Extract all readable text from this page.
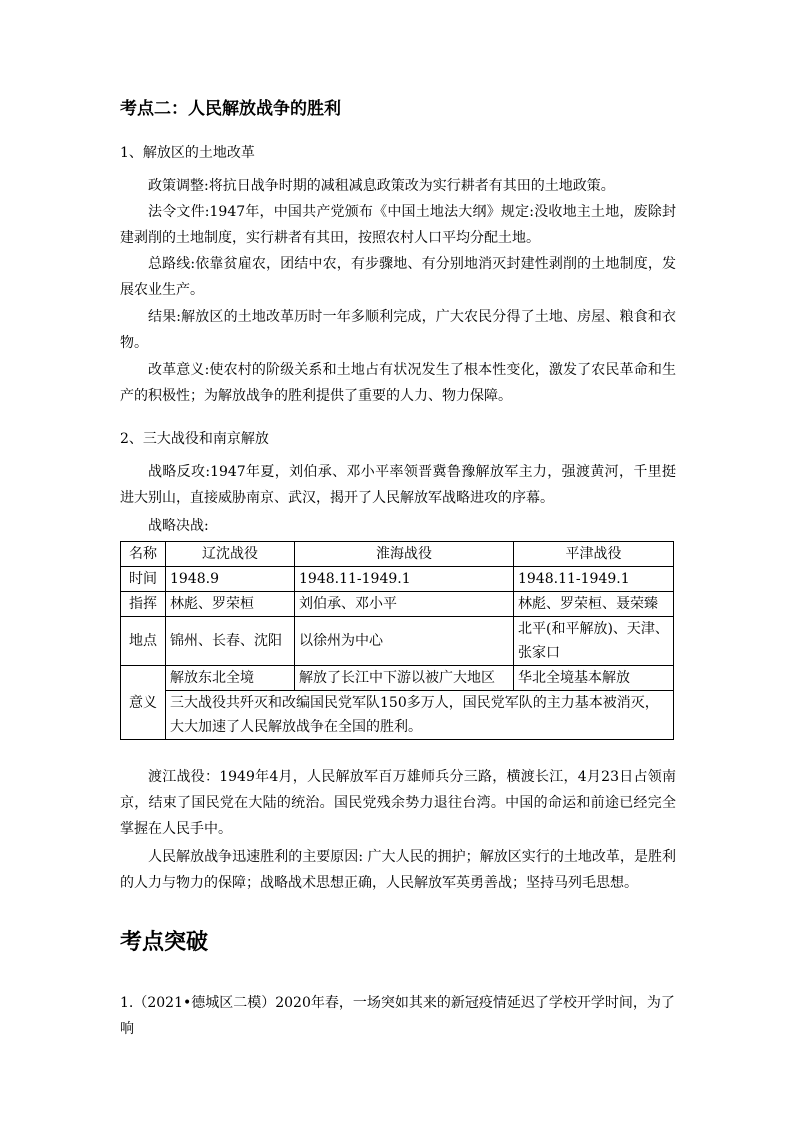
考点二：人民解放战争的胜利
1、解放区的土地改革
政策调整:将抗日战争时期的减租减息政策改为实行耕者有其田的土地政策。
法令文件:1947年，中国共产党颁布《中国土地法大纲》规定:没收地主土地，废除封建剥削的土地制度，实行耕者有其田，按照农村人口平均分配土地。
总路线:依靠贫雇农，团结中农，有步骤地、有分别地消灭封建性剥削的土地制度，发展农业生产。
结果:解放区的土地改革历时一年多顺利完成，广大农民分得了土地、房屋、粮食和衣物。
改革意义:使农村的阶级关系和土地占有状况发生了根本性变化，激发了农民革命和生产的积极性；为解放战争的胜利提供了重要的人力、物力保障。
2、三大战役和南京解放
战略反攻:1947年夏，刘伯承、邓小平率领晋冀鲁豫解放军主力，强渡黄河，千里挺进大别山，直接威胁南京、武汉，揭开了人民解放军战略进攻的序幕。
战略决战:
名称	辽沈战役	淮海战役	平津战役
时间	1948.9	1948.11-1949.1	1948.11-1949.1
指挥	林彪、罗荣桓	刘伯承、邓小平	林彪、罗荣桓、聂荣臻
地点	锦州、长春、沈阳	以徐州为中心	北平(和平解放)、天津、张家口
意义	解放东北全境	解放了长江中下游以被广大地区	华北全境基本解放
	三大战役共歼灭和改编国民党军队150多万人，国民党军队的主力基本被消灭，大大加速了人民解放战争在全国的胜利。		
渡江战役：1949年4月，人民解放军百万雄师兵分三路，横渡长江，4月23日占领南京，结束了国民党在大陆的统治。国民党残余势力退往台湾。中国的命运和前途已经完全掌握在人民手中。
人民解放战争迅速胜利的主要原因: 广大人民的拥护；解放区实行的土地改革，是胜利的人力与物力的保障；战略战术思想正确，人民解放军英勇善战；坚持马列毛思想。
考点突破
1.（2021•德城区二模）2020年春，一场突如其来的新冠疫情延迟了学校开学时间，为了响
